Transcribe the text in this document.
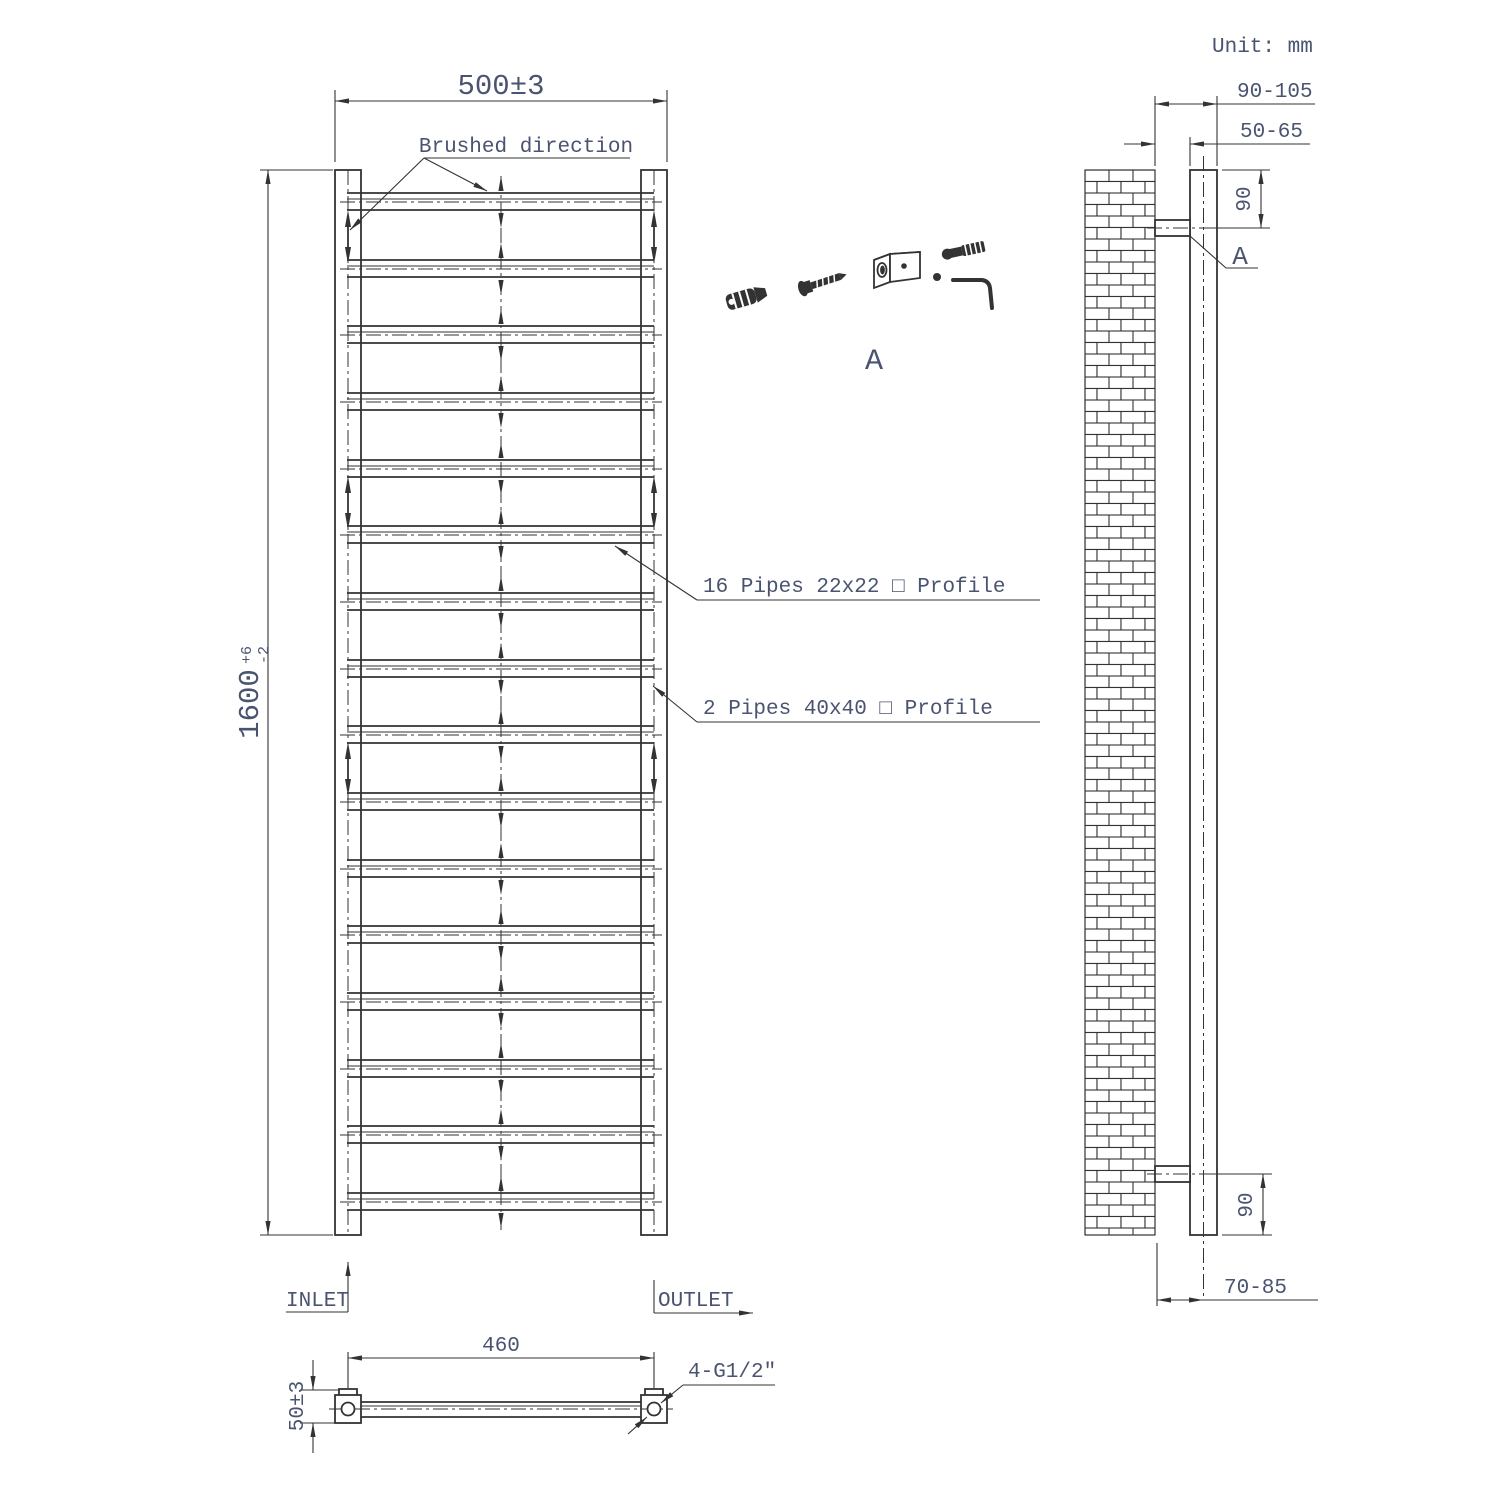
500±3
1600
+6 -2
Brushed direction
16 Pipes 22x22 □ Profile
2 Pipes 40x40 □ Profile
INLET	OUTLET
460
50±3
4-G1/2″
90-105
50-65
90
A
90
70-85
A
Unit: mm
